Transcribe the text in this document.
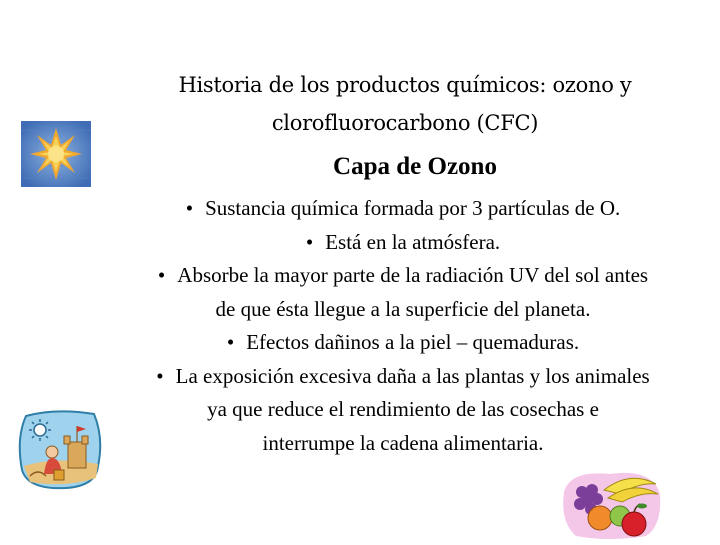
Historia de los productos químicos: ozono y
clorofluorocarbono (CFC)
Capa de Ozono
• Sustancia química formada por 3 partículas de O.
• Está en la atmósfera.
• Absorbe la mayor parte de la radiación UV del sol antes
de que ésta llegue a la superficie del planeta.
• Efectos dañinos a la piel – quemaduras.
• La exposición excesiva daña a las plantas y los animales
ya que reduce el rendimiento de las cosechas e
interrumpe la cadena alimentaria.
